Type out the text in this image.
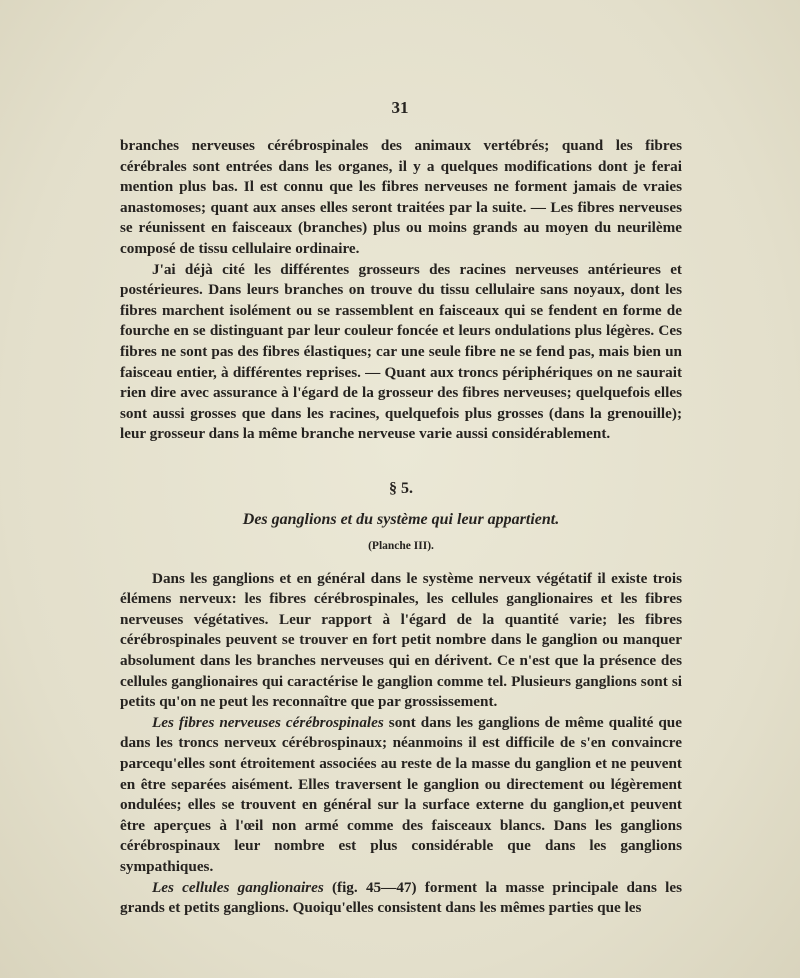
31

branches nerveuses cérébrospinales des animaux vertébrés; quand les fibres cérébrales sont entrées dans les organes, il y a quelques modifications dont je ferai mention plus bas. Il est connu que les fibres nerveuses ne forment jamais de vraies anastomoses; quant aux anses elles seront traitées par la suite. — Les fibres nerveuses se réunissent en faisceaux (branches) plus ou moins grands au moyen du neurilème composé de tissu cellulaire ordinaire.

J'ai déjà cité les différentes grosseurs des racines nerveuses antérieures et postérieures. Dans leurs branches on trouve du tissu cellulaire sans noyaux, dont les fibres marchent isolément ou se rassemblent en faisceaux qui se fendent en forme de fourche en se distinguant par leur couleur foncée et leurs ondulations plus légères. Ces fibres ne sont pas des fibres élastiques; car une seule fibre ne se fend pas, mais bien un faisceau entier, à différentes reprises. — Quant aux troncs périphériques on ne saurait rien dire avec assurance à l'égard de la grosseur des fibres nerveuses; quelquefois elles sont aussi grosses que dans les racines, quelquefois plus grosses (dans la grenouille); leur grosseur dans la même branche nerveuse varie aussi considérablement.

§ 5.
Des ganglions et du système qui leur appartient.
(Planche III).

Dans les ganglions et en général dans le système nerveux végétatif il existe trois élémens nerveux: les fibres cérébrospinales, les cellules ganglionaires et les fibres nerveuses végétatives. Leur rapport à l'égard de la quantité varie; les fibres cérébrospinales peuvent se trouver en fort petit nombre dans le ganglion ou manquer absolument dans les branches nerveuses qui en dérivent. Ce n'est que la présence des cellules ganglionaires qui caractérise le ganglion comme tel. Plusieurs ganglions sont si petits qu'on ne peut les reconnaître que par grossissement.

Les fibres nerveuses cérébrospinales sont dans les ganglions de même qualité que dans les troncs nerveux cérébrospinaux; néanmoins il est difficile de s'en convaincre parcequ'elles sont étroitement associées au reste de la masse du ganglion et ne peuvent en être separées aisément. Elles traversent le ganglion ou directement ou légèrement ondulées; elles se trouvent en général sur la surface externe du ganglion,et peuvent être aperçues à l'œil non armé comme des faisceaux blancs. Dans les ganglions cérébrospinaux leur nombre est plus considérable que dans les ganglions sympathiques.

Les cellules ganglionaires (fig. 45—47) forment la masse principale dans les grands et petits ganglions. Quoiqu'elles consistent dans les mêmes parties que les
